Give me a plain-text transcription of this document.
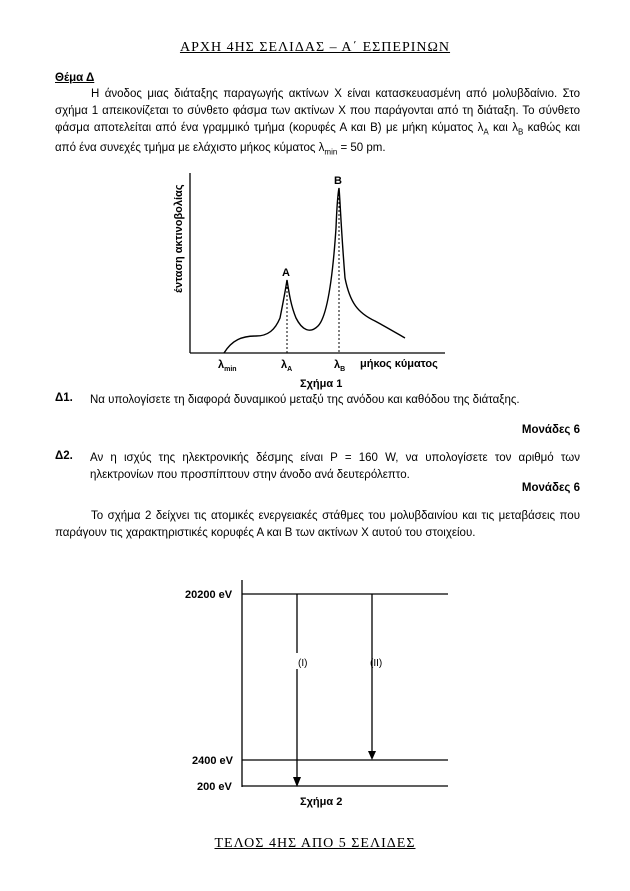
ΑΡΧΗ 4ΗΣ ΣΕΛΙΔΑΣ – Α΄ ΕΣΠΕΡΙΝΩΝ
Θέμα Δ
Η άνοδος μιας διάταξης παραγωγής ακτίνων Χ είναι κατασκευασμένη από μολυβδαίνιο. Στο σχήμα 1 απεικονίζεται το σύνθετο φάσμα των ακτίνων Χ που παράγονται από τη διάταξη. Το σύνθετο φάσμα αποτελείται από ένα γραμμικό τμήμα (κορυφές Α και Β) με μήκη κύματος $\lambda_A$ και $\lambda_B$ καθώς και από ένα συνεχές τμήμα με ελάχιστο μήκος κύματος $\lambda_{min} = 50$ pm.
Α
Β
ένταση ακτινοβολίας
$\lambda_{min}$	$\lambda_A$	$\lambda_B$ μήκος κύματος
Σχήμα 1
Δ1. Να υπολογίσετε τη διαφορά δυναμικού μεταξύ της ανόδου και καθόδου της διάταξης.
Μονάδες 6
Δ2. Αν η ισχύς της ηλεκτρονικής δέσμης είναι P = 160 W, να υπολογίσετε τον αριθμό των ηλεκτρονίων που προσπίπτουν στην άνοδο ανά δευτερόλεπτο.
Μονάδες 6
Το σχήμα 2 δείχνει τις ατομικές ενεργειακές στάθμες του μολυβδαινίου και τις μεταβάσεις που παράγουν τις χαρακτηριστικές κορυφές Α και Β των ακτίνων Χ αυτού του στοιχείου.
20200 eV
2400 eV
200 eV
(Ι)	(ΙΙ)
Σχήμα 2
ΤΕΛΟΣ 4ΗΣ ΑΠΟ 5 ΣΕΛΙΔΕΣ
